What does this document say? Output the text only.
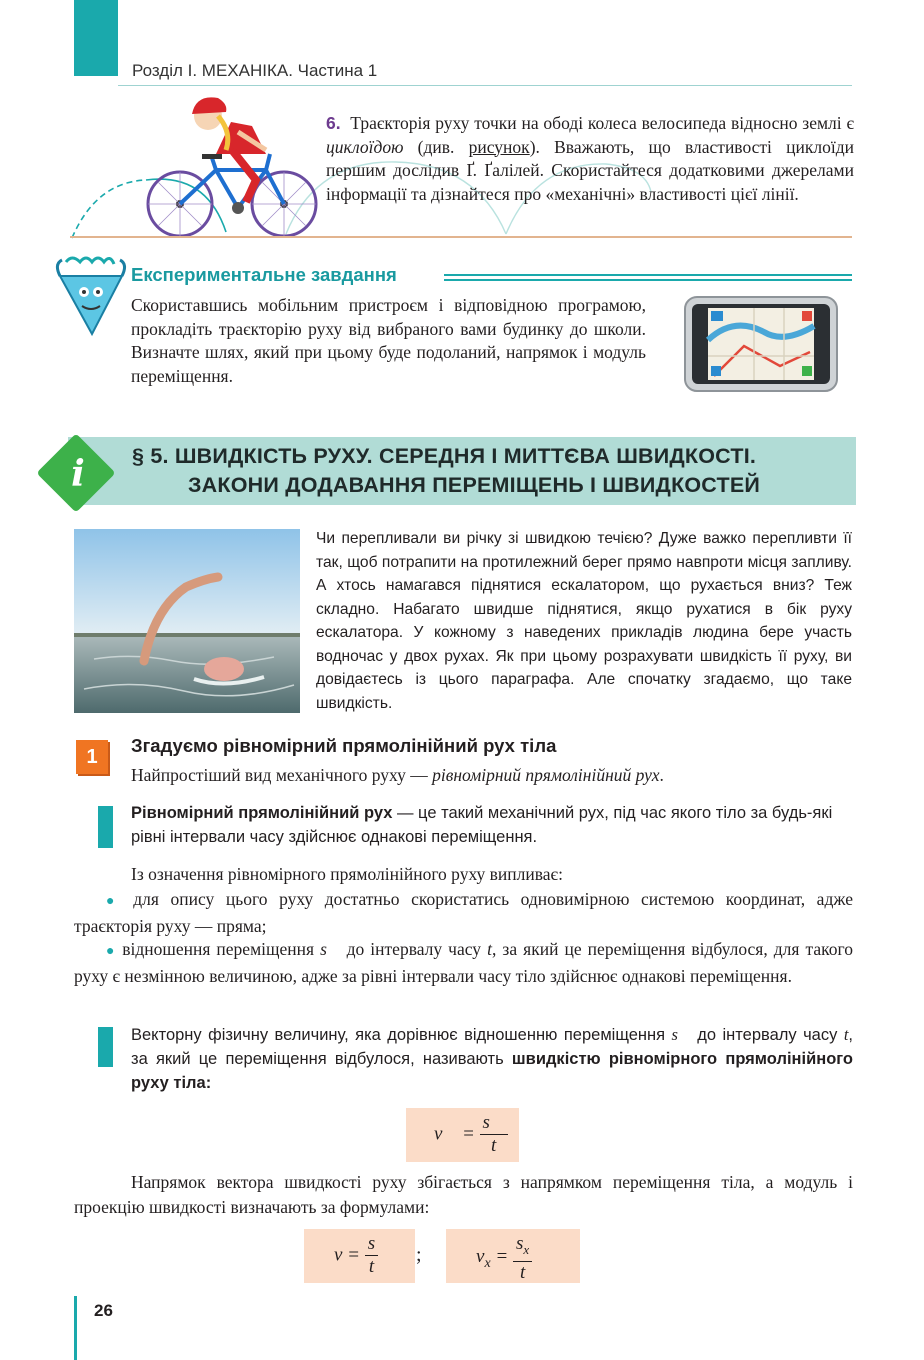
Розділ I. МЕХАНІКА. Частина 1
6. Траєкторія руху точки на ободі колеса велосипеда відносно землі є циклоїдою (див. рисунок). Вважають, що властивості циклоїди першим дослідив Ґ. Ґалілей. Скористайтеся додатковими джерелами інформації та дізнайтеся про «механічні» властивості цієї лінії.
Експериментальне завдання
Скориставшись мобільним пристроєм і відповідною програмою, прокладіть траєкторію руху від вибраного вами будинку до школи. Визначте шлях, який при цьому буде подоланий, напрямок і модуль переміщення.
i	§ 5. ШВИДКІСТЬ РУХУ. СЕРЕДНЯ І МИТТЄВА ШВИДКОСТІ.
ЗАКОНИ ДОДАВАННЯ ПЕРЕМІЩЕНЬ І ШВИДКОСТЕЙ
Чи перепливали ви річку зі швидкою течією? Дуже важко перепливти її так, щоб потрапити на протилежний берег прямо навпроти місця запливу. А хтось намагався піднятися ескалатором, що рухається вниз? Теж складно. Набагато швидше піднятися, якщо рухатися в бік руху ескалатора. У кожному з наведених прикладів людина бере участь водночас у двох рухах. Як при цьому розрахувати швидкість її руху, ви довідаєтесь із цього параграфа. Але спочатку згадаємо, що таке швидкість.
1
Згадуємо рівномірний прямолінійний рух тіла
Найпростіший вид механічного руху — рівномірний прямолінійний рух.
Рівномірний прямолінійний рух — це такий механічний рух, під час якого тіло за будь-які рівні інтервали часу здійснює однакові переміщення.
Із означення рівномірного прямолінійного руху випливає:
● для опису цього руху достатньо скористатись одновимірною системою координат, адже траєкторія руху — пряма;
● відношення переміщення s⃗ до інтервалу часу t, за який це переміщення відбулося, для такого руху є незмінною величиною, адже за рівні інтервали часу тіло здійснює однакові переміщення.
Векторну фізичну величину, яка дорівнює відношенню переміщення s⃗ до інтервалу часу t, за який це переміщення відбулося, називають швидкістю рівномірного прямолінійного руху тіла:
v⃗ = $\frac{s⃗}{t}$
Напрямок вектора швидкості руху збігається з напрямком переміщення тіла, а модуль і проекцію швидкості визначають за формулами:
$v = \frac{s}{t}$ ;	$v_x = \frac{s_x}{t}$
26
